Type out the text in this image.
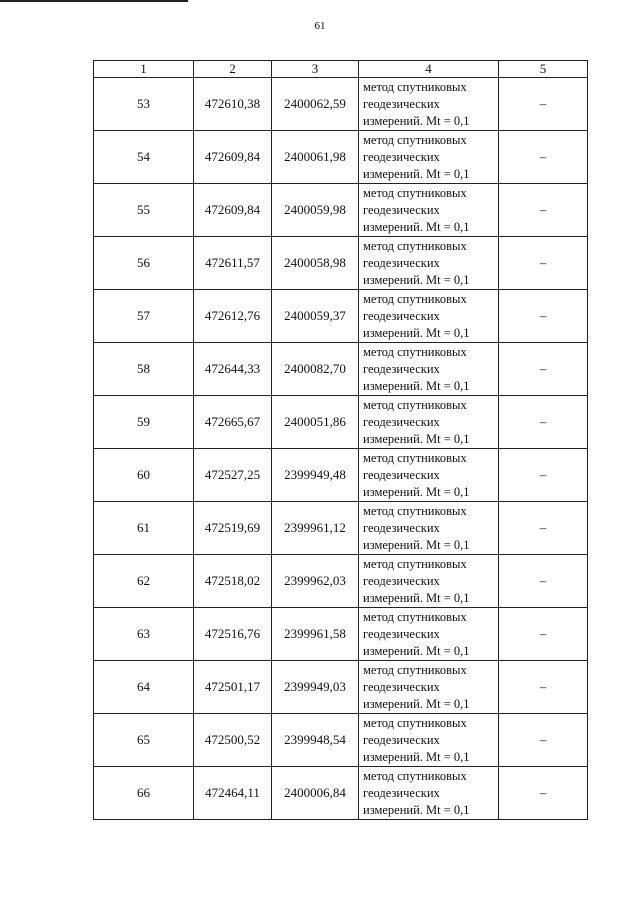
61
1	2	3	4	5
53	472610,38	2400062,59	метод спутниковых
геодезических
измерений. Mt = 0,1	–
54	472609,84	2400061,98	метод спутниковых
геодезических
измерений. Mt = 0,1	–
55	472609,84	2400059,98	метод спутниковых
геодезических
измерений. Mt = 0,1	–
56	472611,57	2400058,98	метод спутниковых
геодезических
измерений. Mt = 0,1	–
57	472612,76	2400059,37	метод спутниковых
геодезических
измерений. Mt = 0,1	–
58	472644,33	2400082,70	метод спутниковых
геодезических
измерений. Mt = 0,1	–
59	472665,67	2400051,86	метод спутниковых
геодезических
измерений. Mt = 0,1	–
60	472527,25	2399949,48	метод спутниковых
геодезических
измерений. Mt = 0,1	–
61	472519,69	2399961,12	метод спутниковых
геодезических
измерений. Mt = 0,1	–
62	472518,02	2399962,03	метод спутниковых
геодезических
измерений. Mt = 0,1	–
63	472516,76	2399961,58	метод спутниковых
геодезических
измерений. Mt = 0,1	–
64	472501,17	2399949,03	метод спутниковых
геодезических
измерений. Mt = 0,1	–
65	472500,52	2399948,54	метод спутниковых
геодезических
измерений. Mt = 0,1	–
66	472464,11	2400006,84	метод спутниковых
геодезических
измерений. Mt = 0,1	–
